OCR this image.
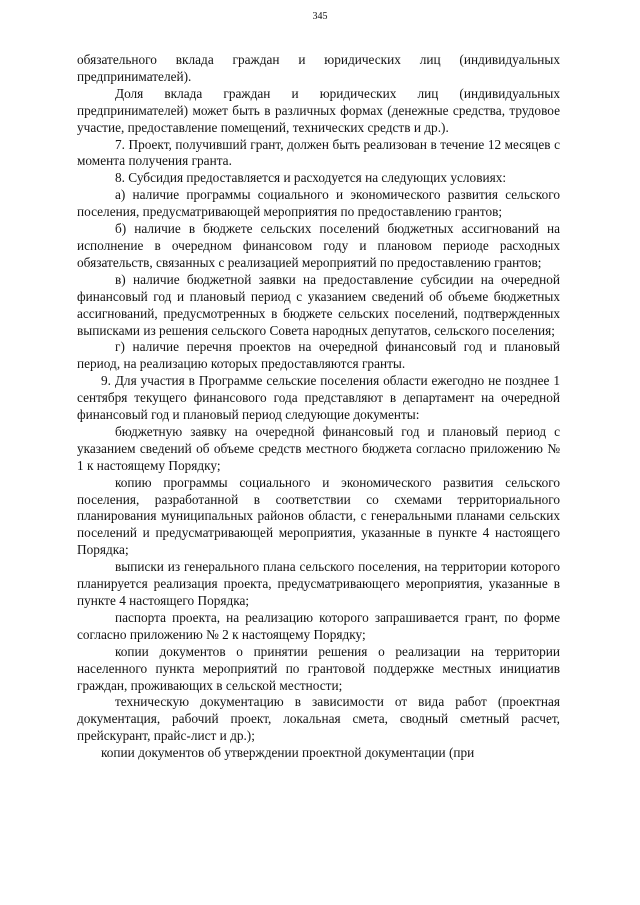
345

обязательного вклада граждан и юридических лиц (индивидуальных предпринимателей).

Доля вклада граждан и юридических лиц (индивидуальных предпринимателей) может быть в различных формах (денежные средства, трудовое участие, предоставление помещений, технических средств и др.).

7. Проект, получивший грант, должен быть реализован в течение 12 месяцев с момента получения гранта.

8. Субсидия предоставляется и расходуется на следующих условиях:

а) наличие программы социального и экономического развития сельского поселения, предусматривающей мероприятия по предоставлению грантов;

б) наличие в бюджете сельских поселений бюджетных ассигнований на исполнение в очередном финансовом году и плановом периоде расходных обязательств, связанных с реализацией мероприятий по предоставлению грантов;

в) наличие бюджетной заявки на предоставление субсидии на очередной финансовый год и плановый период с указанием сведений об объеме бюджетных ассигнований, предусмотренных в бюджете сельских поселений, подтвержденных выписками из решения сельского Совета народных депутатов, сельского поселения;

г) наличие перечня проектов на очередной финансовый год и плановый период, на реализацию которых предоставляются гранты.

9. Для участия в Программе сельские поселения области ежегодно не позднее 1 сентября текущего финансового года представляют в департамент на очередной финансовый год и плановый период следующие документы:

бюджетную заявку на очередной финансовый год и плановый период с указанием сведений об объеме средств местного бюджета согласно приложению № 1 к настоящему Порядку;

копию программы социального и экономического развития сельского поселения, разработанной в соответствии со схемами территориального планирования муниципальных районов области, с генеральными планами сельских поселений и предусматривающей мероприятия, указанные в пункте 4 настоящего Порядка;

выписки из генерального плана сельского поселения, на территории которого планируется реализация проекта, предусматривающего мероприятия, указанные в пункте 4 настоящего Порядка;

паспорта проекта, на реализацию которого запрашивается грант, по форме согласно приложению № 2 к настоящему Порядку;

копии документов о принятии решения о реализации на территории населенного пункта мероприятий по грантовой поддержке местных инициатив граждан, проживающих в сельской местности;

техническую документацию в зависимости от вида работ (проектная документация, рабочий проект, локальная смета, сводный сметный расчет, прейскурант, прайс-лист и др.);

копии документов об утверждении проектной документации (при
